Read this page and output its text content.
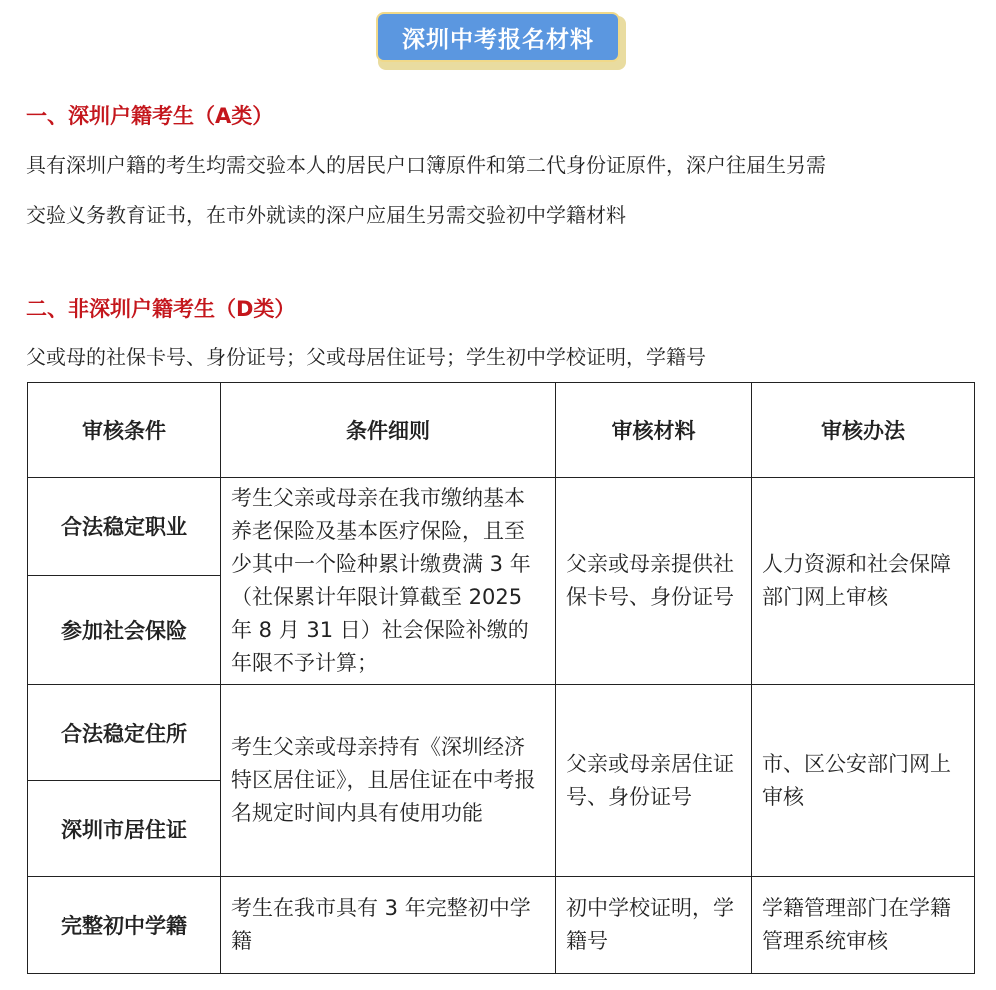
深圳中考报名材料
一、深圳户籍考生（A类）
具有深圳户籍的考生均需交验本人的居民户口簿原件和第二代身份证原件，深户往届生另需
交验义务教育证书，在市外就读的深户应届生另需交验初中学籍材料
二、非深圳户籍考生（D类）
父或母的社保卡号、身份证号；父或母居住证号；学生初中学校证明，学籍号
审核条件	条件细则	审核材料	审核办法
合法稳定职业	考生父亲或母亲在我市缴纳基本养老保险及基本医疗保险，且至少其中一个险种累计缴费满 3 年（社保累计年限计算截至 2025 年 8 月 31 日）社会保险补缴的年限不予计算；	父亲或母亲提供社保卡号、身份证号	人力资源和社会保障部门网上审核
参加社会保险			
合法稳定住所	考生父亲或母亲持有《深圳经济特区居住证》，且居住证在中考报名规定时间内具有使用功能	父亲或母亲居住证号、身份证号	市、区公安部门网上审核
深圳市居住证			
完整初中学籍	考生在我市具有 3 年完整初中学籍	初中学校证明，学籍号	学籍管理部门在学籍管理系统审核
